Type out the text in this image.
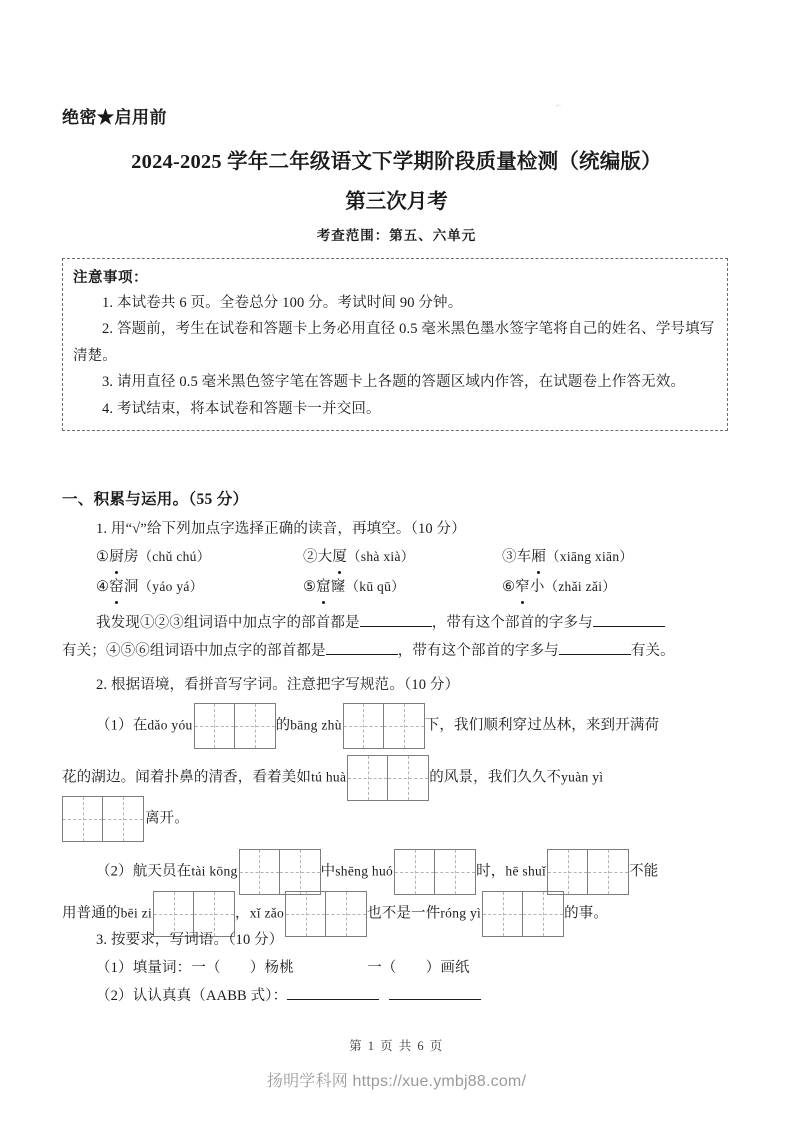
⌐
绝密★启用前
2024-2025 学年二年级语文下学期阶段质量检测（统编版）
第三次月考
考查范围：第五、六单元
注意事项：

1. 本试卷共 6 页。全卷总分 100 分。考试时间 90 分钟。

2. 答题前，考生在试卷和答题卡上务必用直径 0.5 毫米黑色墨水签字笔将自己的姓名、学号填写清楚。

3. 请用直径 0.5 毫米黑色签字笔在答题卡上各题的答题区域内作答，在试题卷上作答无效。

4. 考试结束，将本试卷和答题卡一并交回。

一、积累与运用。（55 分）
1. 用“√”给下列加点字选择正确的读音，再填空。（10 分）
①厨房（chǔ chú）	②大厦（shà xià）	③车厢（xiāng xiān）
④窑洞（yáo yá）	⑤窟窿（kū qū）	⑥窄小（zhǎi zǎi）
我发现①②③组词语中加点字的部首都是	，带有这个部首的字多与
有关；④⑤⑥组词语中加点字的部首都是	，带有这个部首的字多与	有关。
2. 根据语境，看拼音写字词。注意把字写规范。（10 分）
（1）在dǎo yóu	的bāng zhù	下，我们顺利穿过丛林，来到开满荷
花的湖边。闻着扑鼻的清香，看着美如tú huà	的风景，我们久久不yuàn yì
离开。
（2）航天员在tài kōng	中shēng huó	时，hē shuǐ	不能
用普通的bēi zi	，xǐ zǎo	也不是一件róng yì	的事。
3. 按要求，写词语。（10 分）
（1）填量词：一（　　）杨桃　　　　　一（　　）画纸
（2）认认真真（AABB 式）：
第 1 页 共 6 页
扬明学科网 https://xue.ymbj88.com/
